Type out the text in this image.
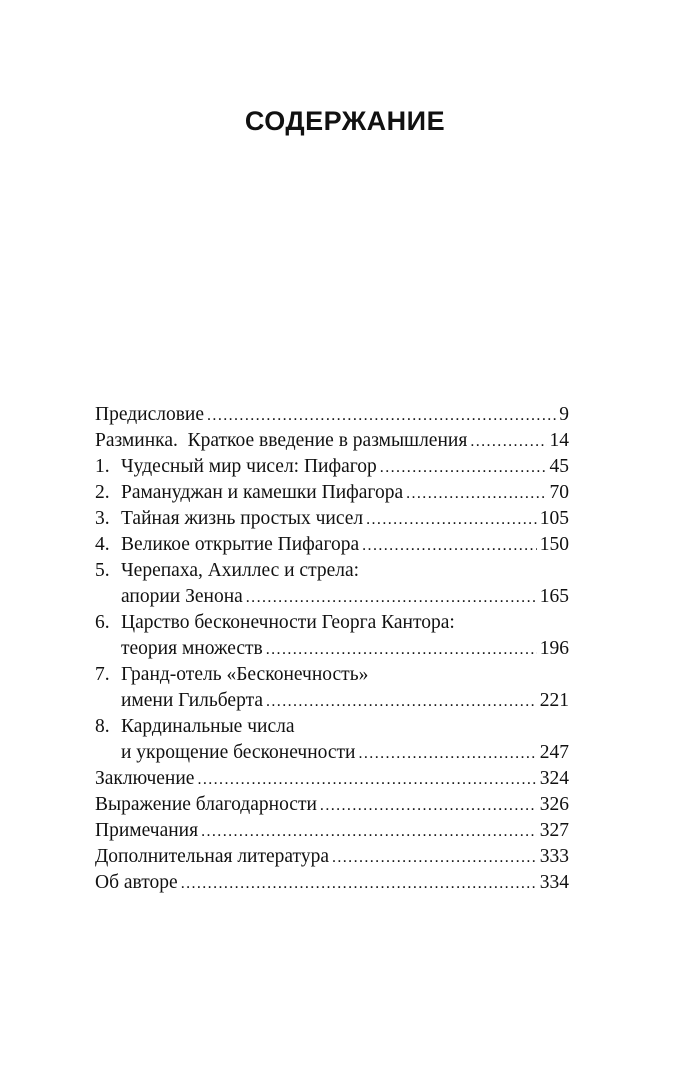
СОДЕРЖАНИЕ
Предисловие .....	9
Разминка.  Краткое введение в размышления .....	14
1. Чудесный мир чисел: Пифагор .....	45
2. Рамануджан и камешки Пифагора .....	70
3. Тайная жизнь простых чисел .....	105
4. Великое открытие Пифагора .....	150
5. Черепаха, Ахиллес и стрела:
апории Зенона .....	165
6. Царство бесконечности Георга Кантора:
теория множеств .....	196
7. Гранд-отель «Бесконечность»
имени Гильберта .....	221
8. Кардинальные числа
и укрощение бесконечности .....	247
Заключение .....	324
Выражение благодарности .....	326
Примечания .....	327
Дополнительная литература .....	333
Об авторе .....	334
